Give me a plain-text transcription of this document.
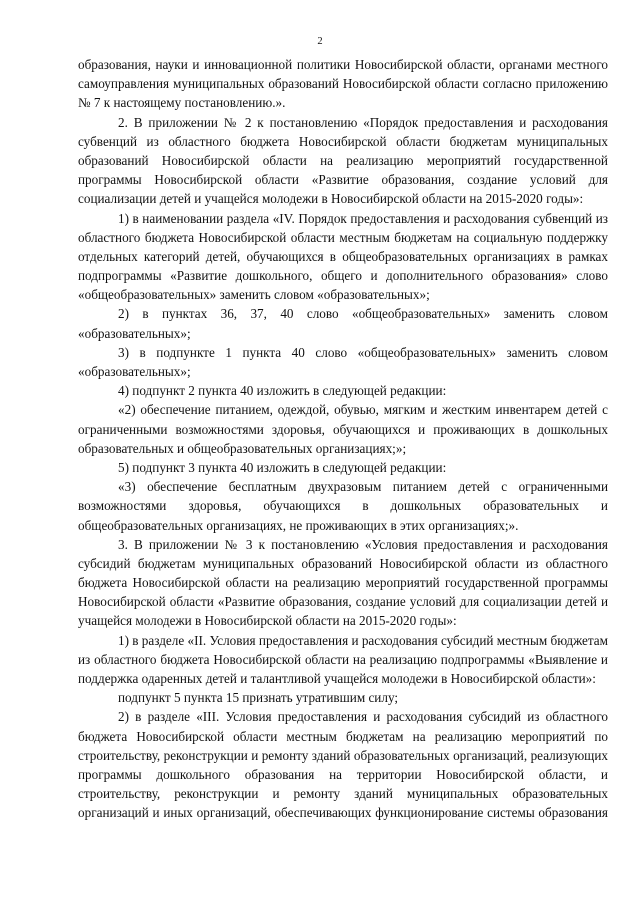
2

образования, науки и инновационной политики Новосибирской области, органами местного самоуправления муниципальных образований Новосибирской области согласно приложению № 7 к настоящему постановлению.».

2. В приложении № 2 к постановлению «Порядок предоставления и расходования субвенций из областного бюджета Новосибирской области бюджетам муниципальных образований Новосибирской области на реализацию мероприятий государственной программы Новосибирской области «Развитие образования, создание условий для социализации детей и учащейся молодежи в Новосибирской области на 2015-2020 годы»:

1) в наименовании раздела «IV. Порядок предоставления и расходования субвенций из областного бюджета Новосибирской области местным бюджетам на социальную поддержку отдельных категорий детей, обучающихся в общеобразовательных организациях в рамках подпрограммы «Развитие дошкольного, общего и дополнительного образования» слово «общеобразовательных» заменить словом «образовательных»;

2) в пунктах 36, 37, 40 слово «общеобразовательных» заменить словом «образовательных»;

3) в подпункте 1 пункта 40 слово «общеобразовательных» заменить словом «образовательных»;

4) подпункт 2 пункта 40 изложить в следующей редакции:

«2) обеспечение питанием, одеждой, обувью, мягким и жестким инвентарем детей с ограниченными возможностями здоровья, обучающихся и проживающих в дошкольных образовательных и общеобразовательных организациях;»;

5) подпункт 3 пункта 40 изложить в следующей редакции:

«3) обеспечение бесплатным двухразовым питанием детей с ограниченными возможностями здоровья, обучающихся в дошкольных образовательных и общеобразовательных организациях, не проживающих в этих организациях;».

3. В приложении № 3 к постановлению «Условия предоставления и расходования субсидий бюджетам муниципальных образований Новосибирской области из областного бюджета Новосибирской области на реализацию мероприятий государственной программы Новосибирской области «Развитие образования, создание условий для социализации детей и учащейся молодежи в Новосибирской области на 2015-2020 годы»:

1) в разделе «II. Условия предоставления и расходования субсидий местным бюджетам из областного бюджета Новосибирской области на реализацию подпрограммы «Выявление и поддержка одаренных детей и талантливой учащейся молодежи в Новосибирской области»:

подпункт 5 пункта 15 признать утратившим силу;

2) в разделе «III. Условия предоставления и расходования субсидий из областного бюджета Новосибирской области местным бюджетам на реализацию мероприятий по строительству, реконструкции и ремонту зданий образовательных организаций, реализующих программы дошкольного образования на территории Новосибирской области, и строительству, реконструкции и ремонту зданий муниципальных образовательных организаций и иных организаций, обеспечивающих функционирование системы образования
